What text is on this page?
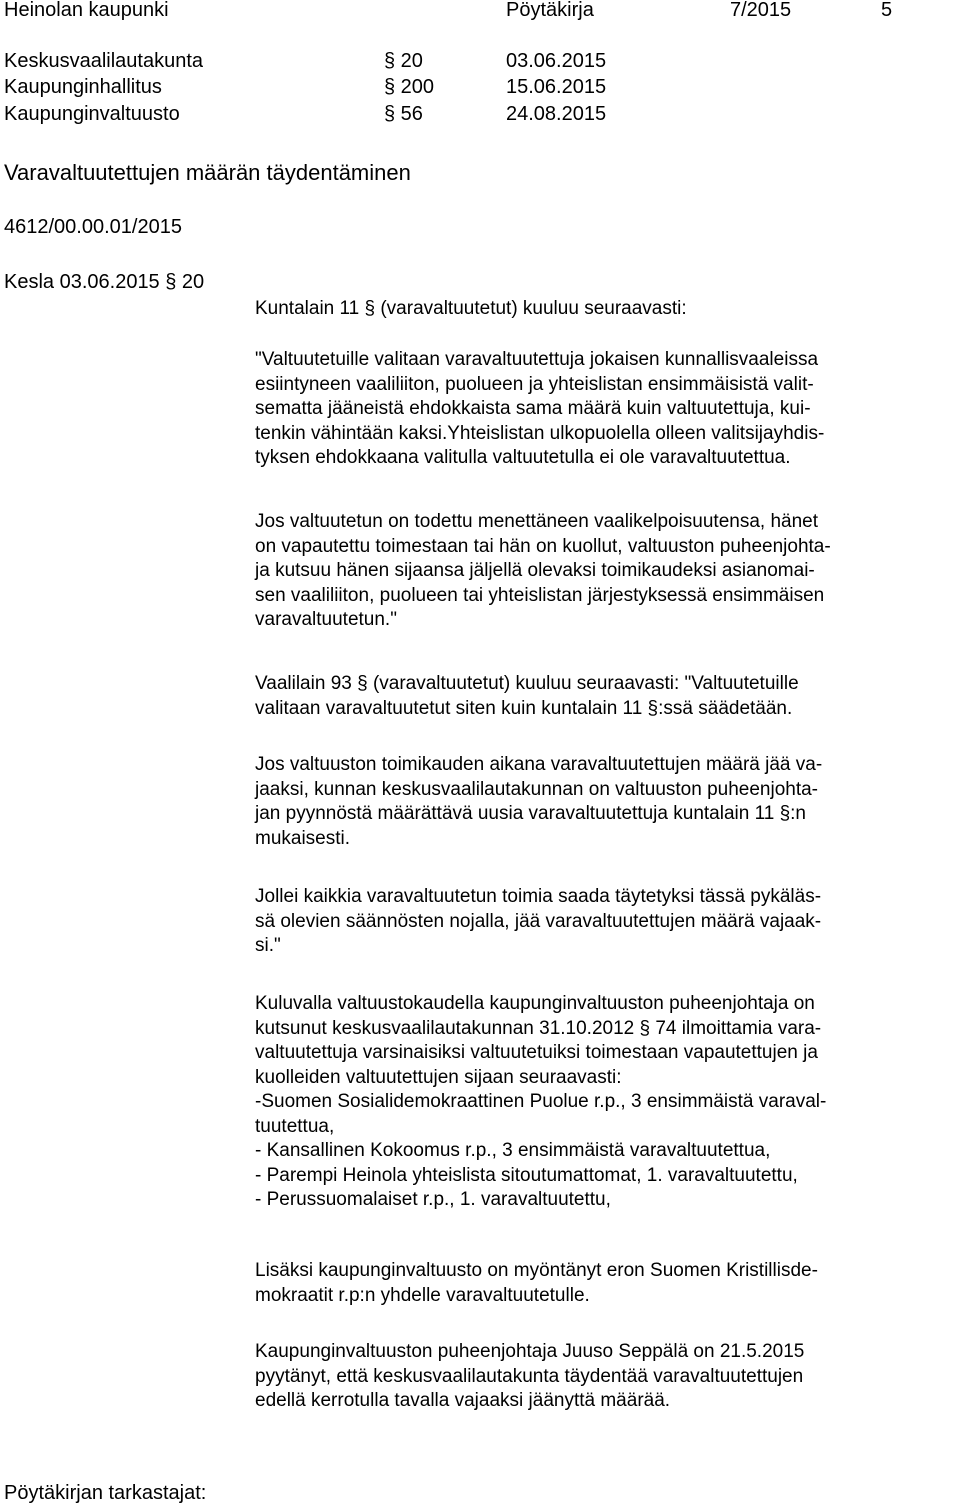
Heinolan kaupunki	Pöytäkirja	7/2015	5
Keskusvaalilautakunta	§ 20	03.06.2015
Kaupunginhallitus	§ 200	15.06.2015
Kaupunginvaltuusto	§ 56	24.08.2015
Varavaltuutettujen määrän täydentäminen
4612/00.00.01/2015
Kesla 03.06.2015 § 20
Kuntalain 11 § (varavaltuutetut) kuuluu seuraavasti:
"Valtuutetuille valitaan varavaltuutettuja jokaisen kunnallisvaaleissa
esiintyneen vaaliliiton, puolueen ja yhteislistan ensimmäisistä valit-
sematta jääneistä ehdokkaista sama määrä kuin valtuutettuja, kui-
tenkin vähintään kaksi.Yhteislistan ulkopuolella olleen valitsijayhdis-
tyksen ehdokkaana valitulla valtuutetulla ei ole varavaltuutettua.
Jos valtuutetun on todettu menettäneen vaalikelpoisuutensa, hänet
on vapautettu toimestaan tai hän on kuollut, valtuuston puheenjohta-
ja kutsuu hänen sijaansa jäljellä olevaksi toimikaudeksi asianomai-
sen vaaliliiton, puolueen tai yhteislistan järjestyksessä ensimmäisen
varavaltuutetun."
Vaalilain 93 § (varavaltuutetut) kuuluu seuraavasti: "Valtuutetuille
valitaan varavaltuutetut siten kuin kuntalain 11 §:ssä säädetään.
Jos valtuuston toimikauden aikana varavaltuutettujen määrä jää va-
jaaksi, kunnan keskusvaalilautakunnan on valtuuston puheenjohta-
jan pyynnöstä määrättävä uusia varavaltuutettuja kuntalain 11 §:n
mukaisesti.
Jollei kaikkia varavaltuutetun toimia saada täytetyksi tässä pykäläs-
sä olevien säännösten nojalla, jää varavaltuutettujen määrä vajaak-
si."
Kuluvalla valtuustokaudella kaupunginvaltuuston puheenjohtaja on
kutsunut keskusvaalilautakunnan 31.10.2012 § 74 ilmoittamia vara-
valtuutettuja varsinaisiksi valtuutetuiksi toimestaan vapautettujen ja
kuolleiden valtuutettujen sijaan seuraavasti:
-Suomen Sosialidemokraattinen Puolue r.p., 3 ensimmäistä varaval-
tuutettua,
- Kansallinen Kokoomus r.p., 3 ensimmäistä varavaltuutettua,
- Parempi Heinola yhteislista sitoutumattomat, 1. varavaltuutettu,
- Perussuomalaiset r.p., 1. varavaltuutettu,
Lisäksi kaupunginvaltuusto on myöntänyt eron Suomen Kristillisde-
mokraatit r.p:n yhdelle varavaltuutetulle.
Kaupunginvaltuuston puheenjohtaja Juuso Seppälä on 21.5.2015
pyytänyt, että keskusvaalilautakunta täydentää varavaltuutettujen
edellä kerrotulla tavalla vajaaksi jäänyttä määrää.
Pöytäkirjan tarkastajat:
